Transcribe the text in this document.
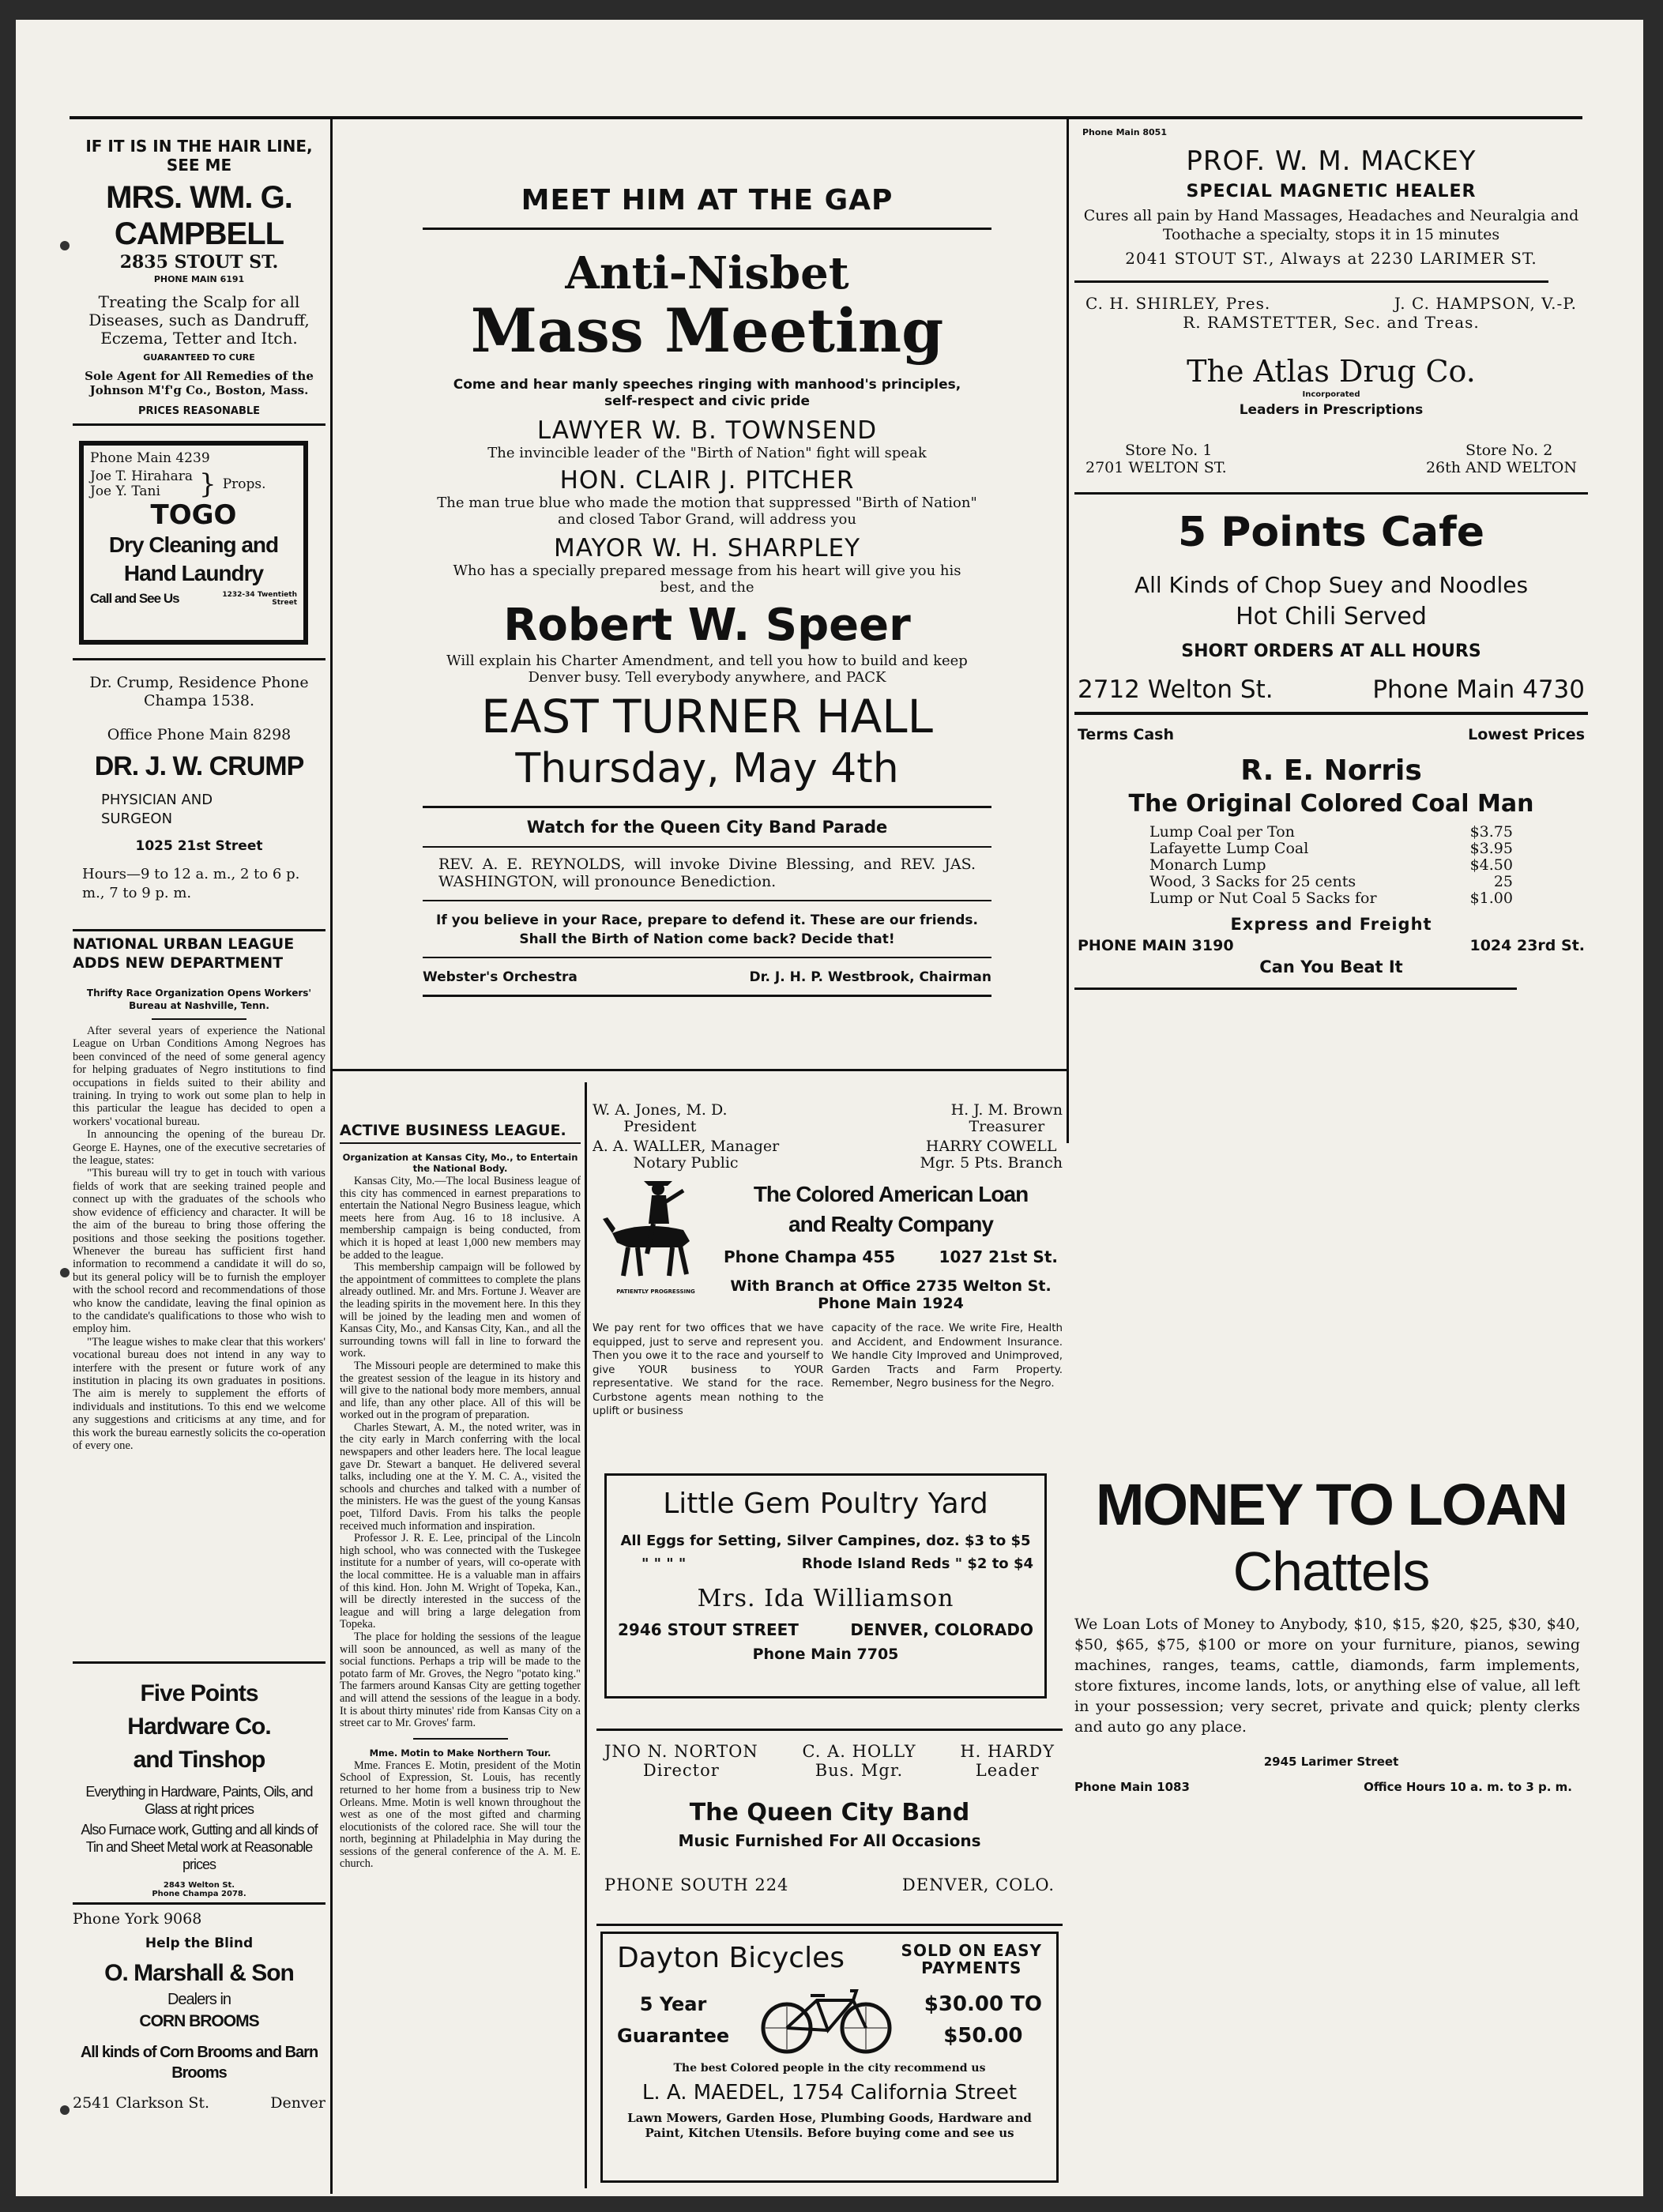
IF IT IS IN THE HAIR LINE, SEE ME
MRS. WM. G. CAMPBELL
2835 STOUT ST.
PHONE MAIN 6191
Treating the Scalp for all Diseases, such as Dandruff, Eczema, Tetter and Itch.
GUARANTEED TO CURE
Sole Agent for All Remedies of the Johnson M'f'g Co., Boston, Mass.
PRICES REASONABLE
Phone Main 4239
Joe T. Hirahara
Joe Y. Tani	} Props.
TOGO
Dry Cleaning and
Hand Laundry
Call and See Us	1232-34 Twentieth Street
Dr. Crump, Residence Phone Champa 1538.
Office Phone Main 8298
DR. J. W. CRUMP
PHYSICIAN AND SURGEON
1025 21st Street
Hours—9 to 12 a. m., 2 to 6 p. m., 7 to 9 p. m.
NATIONAL URBAN LEAGUE ADDS NEW DEPARTMENT
Thrifty Race Organization Opens Workers' Bureau at Nashville, Tenn.

After several years of experience the National League on Urban Conditions Among Negroes has been convinced of the need of some general agency for helping graduates of Negro institutions to find occupations in fields suited to their ability and training. In trying to work out some plan to help in this particular the league has decided to open a workers' vocational bureau.

In announcing the opening of the bureau Dr. George E. Haynes, one of the executive secretaries of the league, states:

"This bureau will try to get in touch with various fields of work that are seeking trained people and connect up with the graduates of the schools who show evidence of efficiency and character. It will be the aim of the bureau to bring those offering the positions and those seeking the positions together. Whenever the bureau has sufficient first hand information to recommend a candidate it will do so, but its general policy will be to furnish the employer with the school record and recommendations of those who know the candidate, leaving the final opinion as to the candidate's qualifications to those who wish to employ him.

"The league wishes to make clear that this workers' vocational bureau does not intend in any way to interfere with the present or future work of any institution in placing its own graduates in positions. The aim is merely to supplement the efforts of individuals and institutions. To this end we welcome any suggestions and criticisms at any time, and for this work the bureau earnestly solicits the co-operation of every one.

Five Points
Hardware Co.
and Tinshop
Everything in Hardware, Paints, Oils, and Glass at right prices
Also Furnace work, Gutting and all kinds of Tin and Sheet Metal work at Reasonable prices
2843 Welton St.
Phone Champa 2078.
Phone York 9068
Help the Blind
O. Marshall & Son
Dealers in
CORN BROOMS
All kinds of Corn Brooms and Barn Brooms
2541 Clarkson St.	Denver
MEET HIM AT THE GAP
Anti-Nisbet
Mass Meeting
Come and hear manly speeches ringing with manhood's principles, self-respect and civic pride
LAWYER W. B. TOWNSEND
The invincible leader of the "Birth of Nation" fight will speak
HON. CLAIR J. PITCHER
The man true blue who made the motion that suppressed "Birth of Nation" and closed Tabor Grand, will address you
MAYOR W. H. SHARPLEY
Who has a specially prepared message from his heart will give you his best, and the
Robert W. Speer
Will explain his Charter Amendment, and tell you how to build and keep Denver busy. Tell everybody anywhere, and PACK
EAST TURNER HALL
Thursday, May 4th
Watch for the Queen City Band Parade
REV. A. E. REYNOLDS, will invoke Divine Blessing, and REV. JAS. WASHINGTON, will pronounce Benediction.
If you believe in your Race, prepare to defend it. These are our friends. Shall the Birth of Nation come back? Decide that!
Webster's Orchestra	Dr. J. H. P. Westbrook, Chairman
ACTIVE BUSINESS LEAGUE.
Organization at Kansas City, Mo., to Entertain the National Body.

Kansas City, Mo.—The local Business league of this city has commenced in earnest preparations to entertain the National Negro Business league, which meets here from Aug. 16 to 18 inclusive. A membership campaign is being conducted, from which it is hoped at least 1,000 new members may be added to the league.

This membership campaign will be followed by the appointment of committees to complete the plans already outlined. Mr. and Mrs. Fortune J. Weaver are the leading spirits in the movement here. In this they will be joined by the leading men and women of Kansas City, Mo., and Kansas City, Kan., and all the surrounding towns will fall in line to forward the work.

The Missouri people are determined to make this the greatest session of the league in its history and will give to the national body more members, annual and life, than any other place. All of this will be worked out in the program of preparation.

Charles Stewart, A. M., the noted writer, was in the city early in March conferring with the local newspapers and other leaders here. The local league gave Dr. Stewart a banquet. He delivered several talks, including one at the Y. M. C. A., visited the schools and churches and talked with a number of the ministers. He was the guest of the young Kansas poet, Tilford Davis. From his talks the people received much information and inspiration.

Professor J. R. E. Lee, principal of the Lincoln high school, who was connected with the Tuskegee institute for a number of years, will co-operate with the local committee. He is a valuable man in affairs of this kind. Hon. John M. Wright of Topeka, Kan., will be directly interested in the success of the league and will bring a large delegation from Topeka.

The place for holding the sessions of the league will soon be announced, as well as many of the social functions. Perhaps a trip will be made to the potato farm of Mr. Groves, the Negro "potato king." The farmers around Kansas City are getting together and will attend the sessions of the league in a body. It is about thirty minutes' ride from Kansas City on a street car to Mr. Groves' farm.

Mme. Motin to Make Northern Tour.

Mme. Frances E. Motin, president of the Motin School of Expression, St. Louis, has recently returned to her home from a business trip to New Orleans. Mme. Motin is well known throughout the west as one of the most gifted and charming elocutionists of the colored race. She will tour the north, beginning at Philadelphia in May during the sessions of the general conference of the A. M. E. church.

W. A. Jones, M. D.
President
H. J. M. Brown
Treasurer
A. A. WALLER, Manager
Notary Public
HARRY COWELL
Mgr. 5 Pts. Branch
PATIENTLY PROGRESSING
The Colored American Loan
and Realty Company
Phone Champa 455	1027 21st St.
With Branch at Office 2735 Welton St.
Phone Main 1924
We pay rent for two offices that we have equipped, just to serve and represent you. Then you owe it to the race and yourself to give YOUR business to YOUR representative. We stand for the race. Curbstone agents mean nothing to the uplift or business
capacity of the race. We write Fire, Health and Accident, and Endowment Insurance. We handle City Improved and Unimproved, Garden Tracts and Farm Property. Remember, Negro business for the Negro.
Little Gem Poultry Yard
All Eggs for Setting, Silver Campines, doz. $3 to $5
" " " "	Rhode Island Reds " $2 to $4
Mrs. Ida Williamson
2946 STOUT STREET	DENVER, COLORADO
Phone Main 7705
JNO N. NORTON
Director
C. A. HOLLY
Bus. Mgr.
H. HARDY
Leader
The Queen City Band
Music Furnished For All Occasions
PHONE SOUTH 224	DENVER, COLO.
Dayton Bicycles	SOLD ON EASY
PAYMENTS
5 Year
Guarantee
$30.00 TO
$50.00
The best Colored people in the city recommend us
L. A. MAEDEL, 1754 California Street
Lawn Mowers, Garden Hose, Plumbing Goods, Hardware and Paint, Kitchen Utensils. Before buying come and see us
Phone Main 8051
PROF. W. M. MACKEY
SPECIAL MAGNETIC HEALER
Cures all pain by Hand Massages, Headaches and Neuralgia and Toothache a specialty, stops it in 15 minutes
2041 STOUT ST., Always at 2230 LARIMER ST.
C. H. SHIRLEY, Pres.	J. C. HAMPSON, V.-P.
R. RAMSTETTER, Sec. and Treas.
The Atlas Drug Co.
Incorporated
Leaders in Prescriptions
Store No. 1
2701 WELTON ST.
Store No. 2
26th AND WELTON
5 Points Cafe
All Kinds of Chop Suey and Noodles
Hot Chili Served
SHORT ORDERS AT ALL HOURS
2712 Welton St.	Phone Main 4730
Terms Cash	Lowest Prices
R. E. Norris
The Original Colored Coal Man
Lump Coal per Ton	$3.75
Lafayette Lump Coal	$3.95
Monarch Lump	$4.50
Wood, 3 Sacks for 25 cents	25
Lump or Nut Coal 5 Sacks for	$1.00
Express and Freight
PHONE MAIN 3190	1024 23rd St.
Can You Beat It
MONEY TO LOAN
Chattels
We Loan Lots of Money to Anybody, $10, $15, $20, $25, $30, $40, $50, $65, $75, $100 or more on your furniture, pianos, sewing machines, ranges, teams, cattle, diamonds, farm implements, store fixtures, income lands, lots, or anything else of value, all left in your possession; very secret, private and quick; plenty clerks and auto go any place.
2945 Larimer Street
Phone Main 1083	Office Hours 10 a. m. to 3 p. m.
